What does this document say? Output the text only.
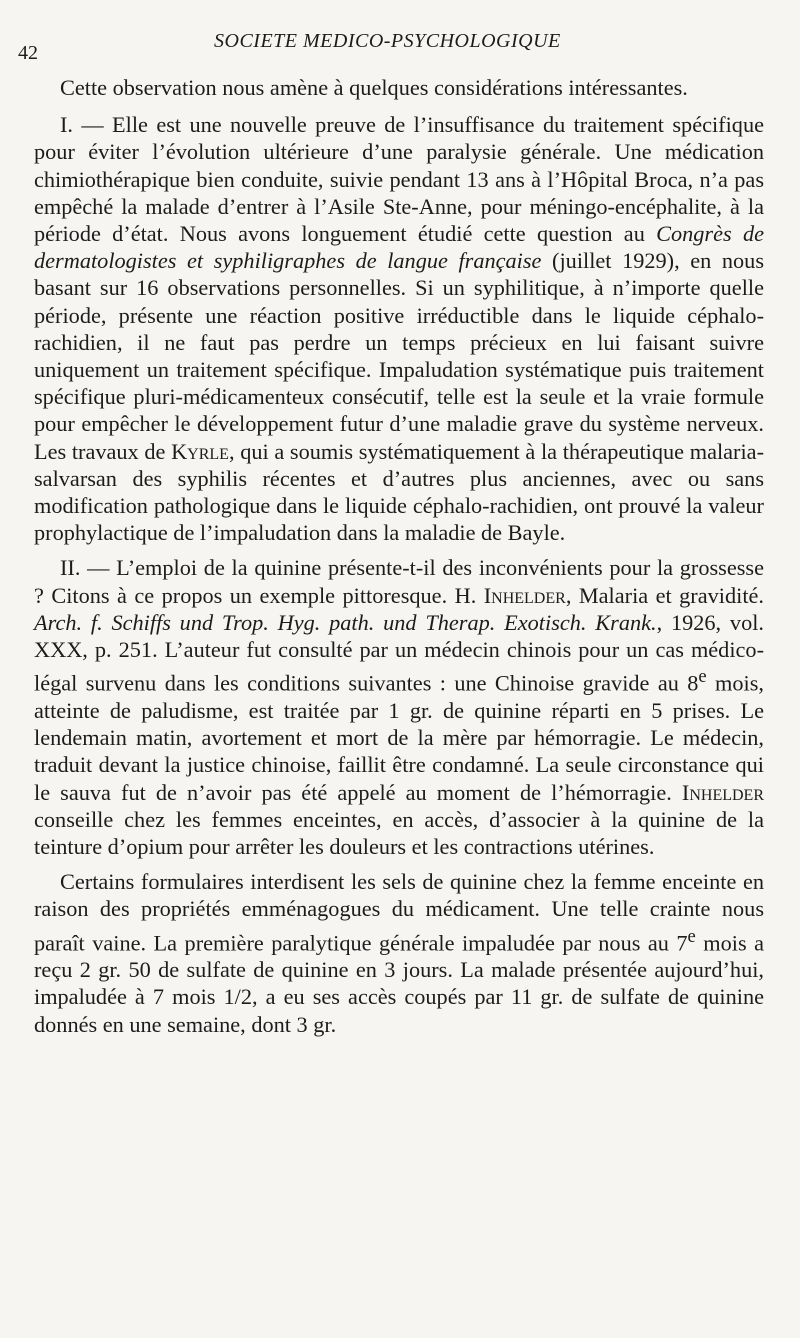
42
SOCIETE MEDICO-PSYCHOLOGIQUE

Cette observation nous amène à quelques considérations intéressantes.

I. — Elle est une nouvelle preuve de l’insuffisance du traitement spécifique pour éviter l’évolution ultérieure d’une paralysie générale. Une médication chimiothérapique bien conduite, suivie pendant 13 ans à l’Hôpital Broca, n’a pas empêché la malade d’entrer à l’Asile Ste-Anne, pour méningo-encéphalite, à la période d’état. Nous avons longuement étudié cette question au Congrès de dermatologistes et syphiligraphes de langue française (juillet 1929), en nous basant sur 16 observations personnelles. Si un syphilitique, à n’importe quelle période, présente une réaction positive irréductible dans le liquide céphalo-rachidien, il ne faut pas perdre un temps précieux en lui faisant suivre uniquement un traitement spécifique. Impaludation systématique puis traitement spécifique pluri-médicamenteux consécutif, telle est la seule et la vraie formule pour empêcher le développement futur d’une maladie grave du système nerveux. Les travaux de Kyrle, qui a soumis systématiquement à la thérapeutique malaria-salvarsan des syphilis récentes et d’autres plus anciennes, avec ou sans modification pathologique dans le liquide céphalo-rachidien, ont prouvé la valeur prophylactique de l’impaludation dans la maladie de Bayle.

II. — L’emploi de la quinine présente-t-il des inconvénients pour la grossesse ? Citons à ce propos un exemple pittoresque. H. Inhelder, Malaria et gravidité. Arch. f. Schiffs und Trop. Hyg. path. und Therap. Exotisch. Krank., 1926, vol. XXX, p. 251. L’auteur fut consulté par un médecin chinois pour un cas médico-légal survenu dans les conditions suivantes : une Chinoise gravide au 8e mois, atteinte de paludisme, est traitée par 1 gr. de quinine réparti en 5 prises. Le lendemain matin, avortement et mort de la mère par hémorragie. Le médecin, traduit devant la justice chinoise, faillit être condamné. La seule circonstance qui le sauva fut de n’avoir pas été appelé au moment de l’hémorragie. Inhelder conseille chez les femmes enceintes, en accès, d’associer à la quinine de la teinture d’opium pour arrêter les douleurs et les contractions utérines.

Certains formulaires interdisent les sels de quinine chez la femme enceinte en raison des propriétés emménagogues du médicament. Une telle crainte nous paraît vaine. La première paralytique générale impaludée par nous au 7e mois a reçu 2 gr. 50 de sulfate de quinine en 3 jours. La malade présentée aujourd’hui, impaludée à 7 mois 1/2, a eu ses accès coupés par 11 gr. de sulfate de quinine donnés en une semaine, dont 3 gr.
